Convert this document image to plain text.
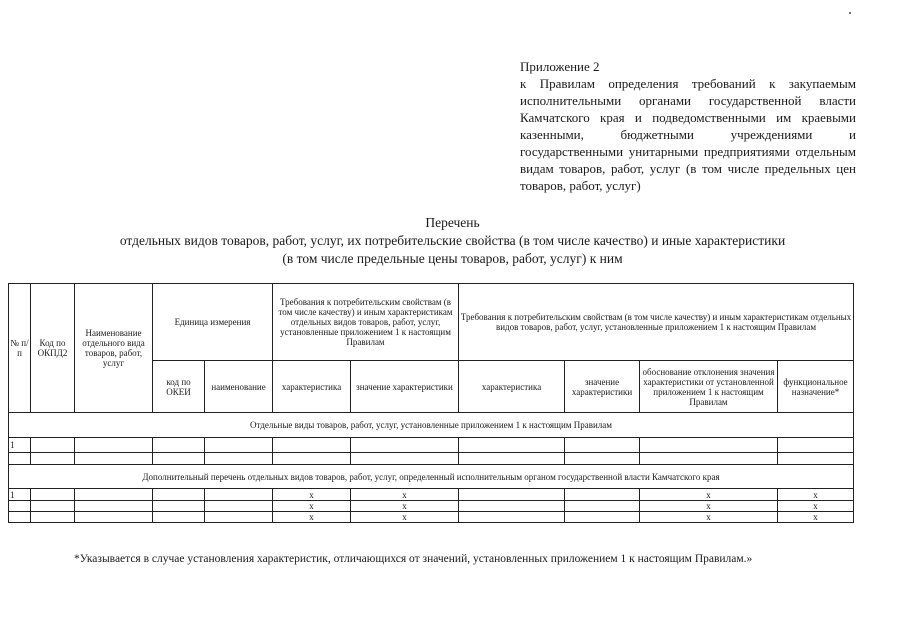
Приложение 2
к Правилам определения требований к закупаемым исполнительными органами государственной власти Камчатского края и подведомственными им краевыми казенными, бюджетными учреждениями и государственными унитарными предприятиями отдельным видам товаров, работ, услуг (в том числе предельных цен товаров, работ, услуг)
Перечень
отдельных видов товаров, работ, услуг, их потребительские свойства (в том числе качество) и иные характеристики
(в том числе предельные цены товаров, работ, услуг) к ним
№ п/п	Код по ОКПД2	Наименование отдельного вида товаров, работ, услуг	Единица измерения		Требования к потребительским свойствам (в том числе качеству) и иным характеристикам отдельных видов товаров, работ, услуг, установленные приложением 1 к настоящим Правилам		Требования к потребительским свойствам (в том числе качеству) и иным характеристикам отдельных видов товаров, работ, услуг, установленные приложением 1 к настоящим Правилам			
			код по ОКЕИ	наименование	характеристика	значение характеристики	характеристика	значение характеристики	обоснование отклонения значения характеристики от установленной приложением 1 к настоящим Правилам	функциональное назначение*
Отдельные виды товаров, работ, услуг, установленные приложением 1 к настоящим Правилам										
1										

Дополнительный перечень отдельных видов товаров, работ, услуг, определенный исполнительным органом государственной власти Камчатского края										
1					x	x			x	x
					x	x			x	x
					x	x			x	x
*Указывается в случае установления характеристик, отличающихся от значений, установленных приложением 1 к настоящим Правилам.»
